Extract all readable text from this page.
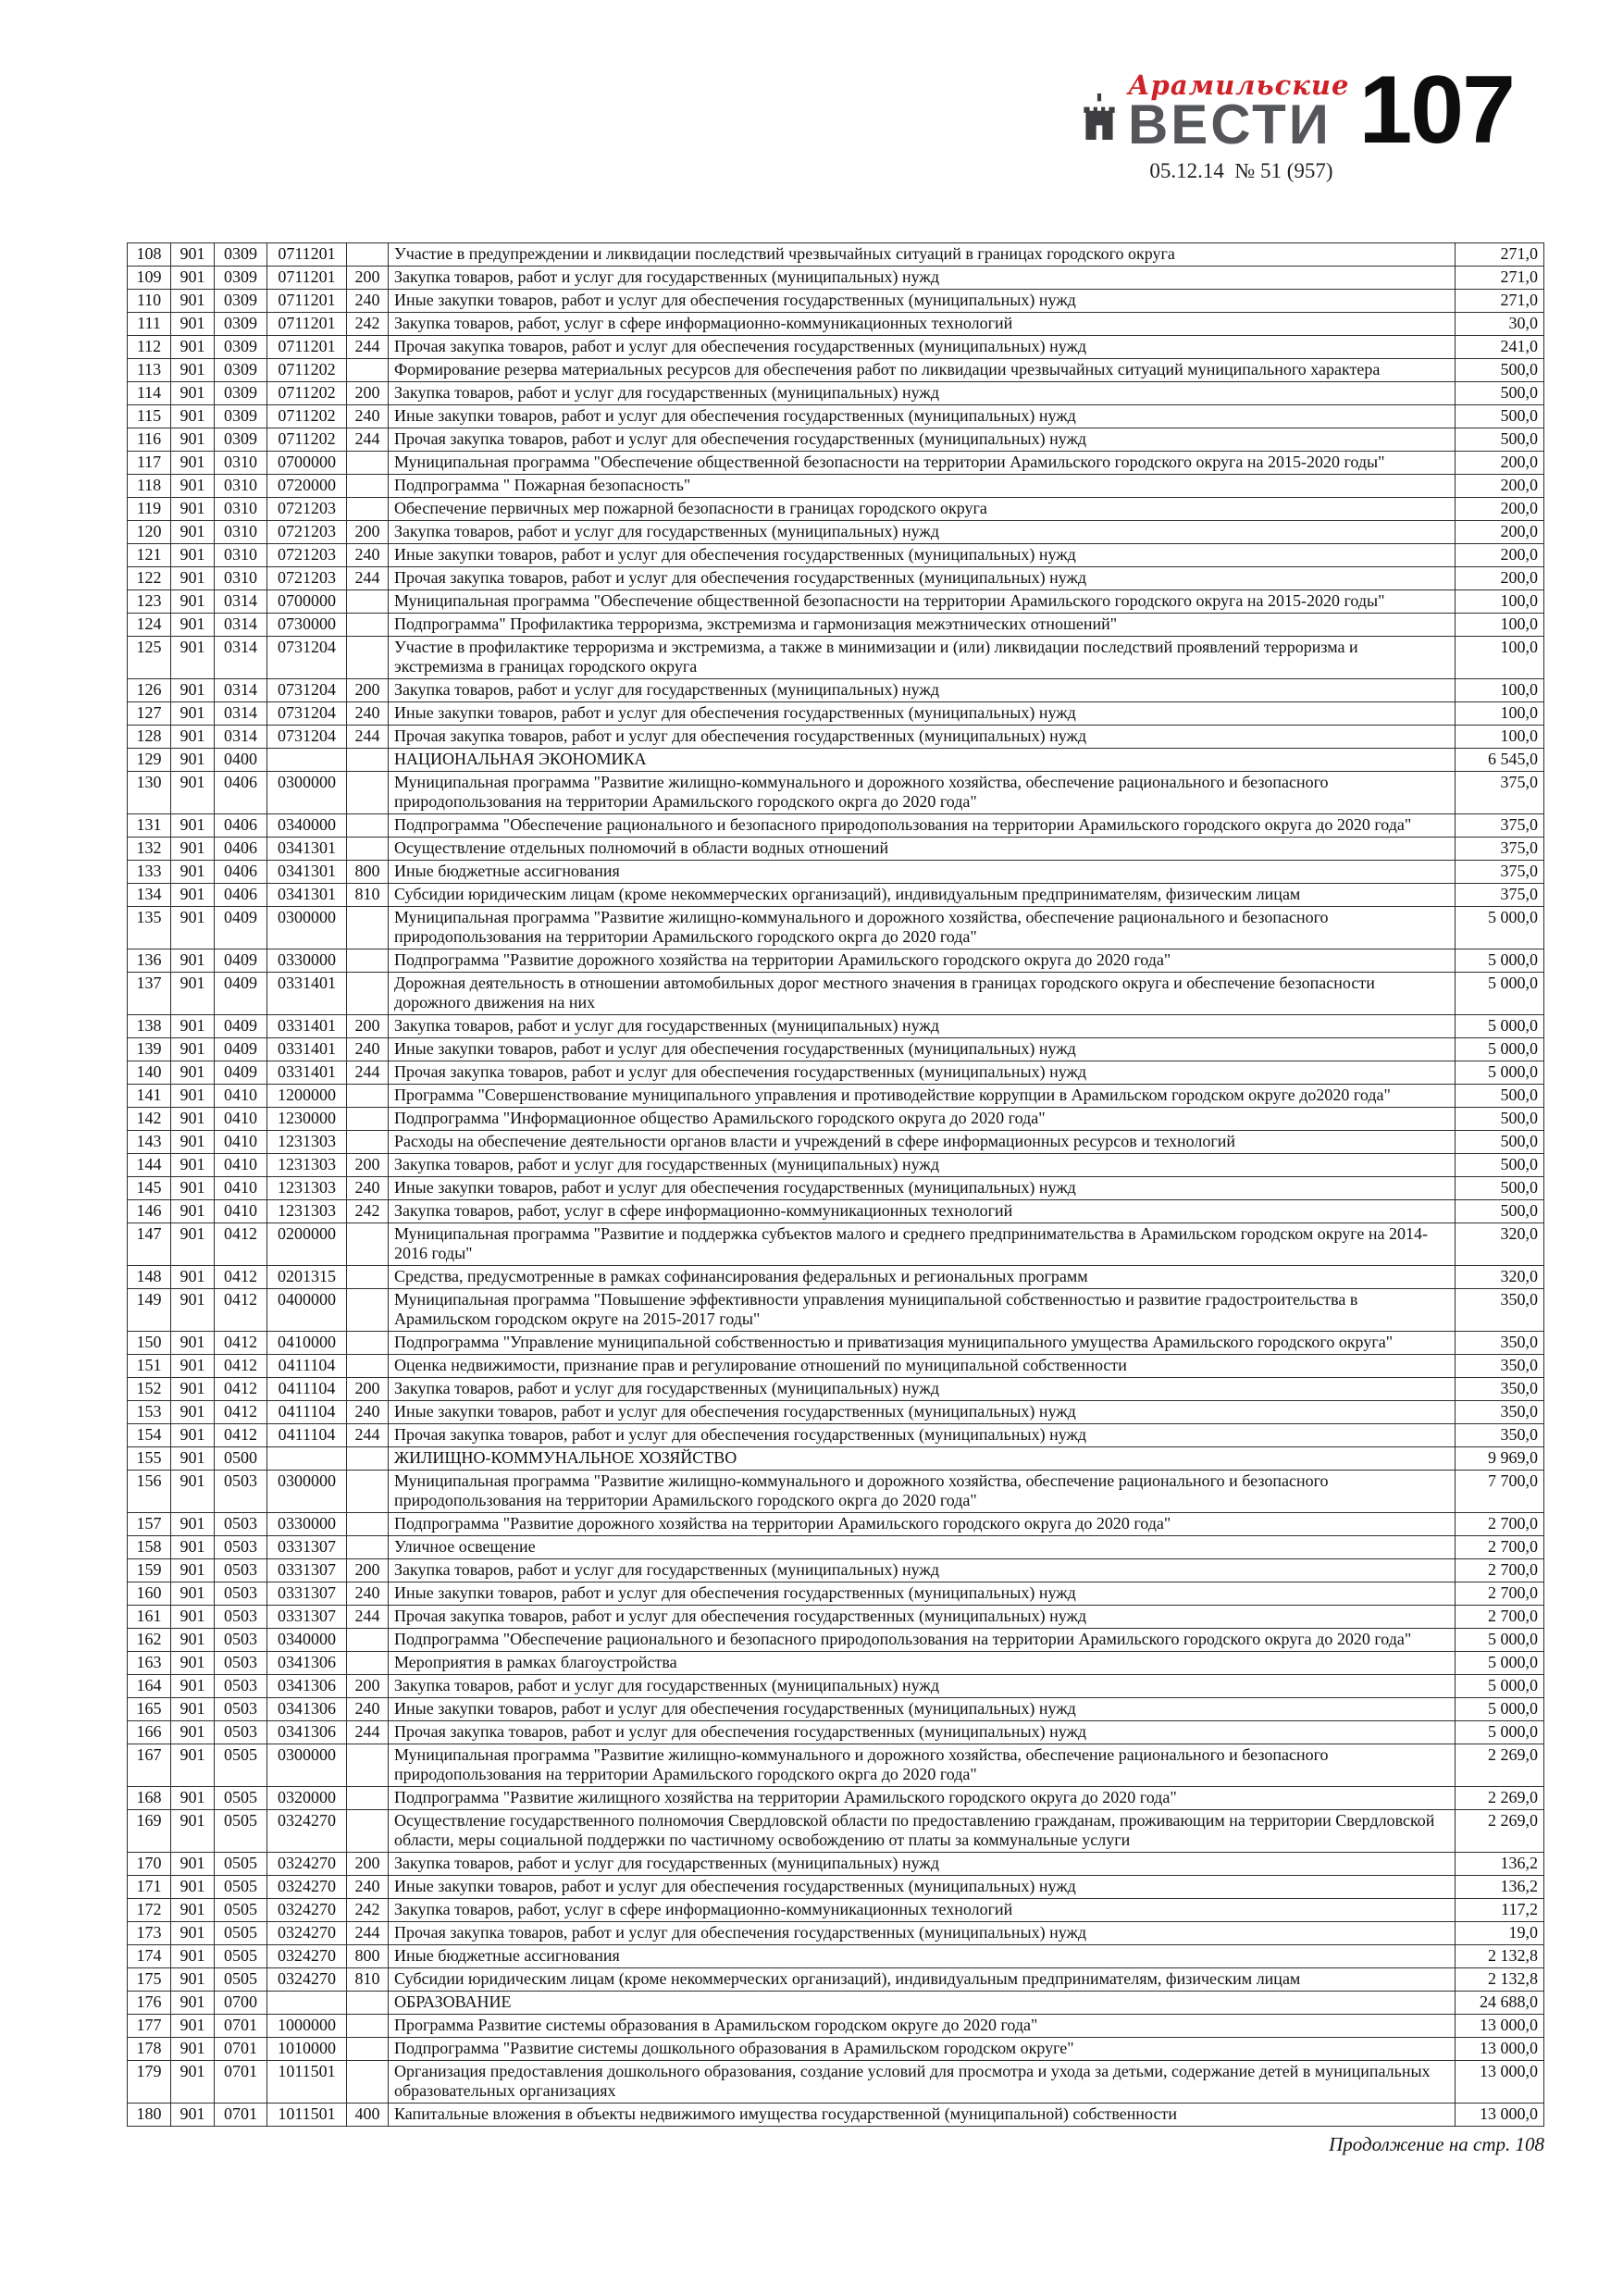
Арамильские
ВЕСТИ 107
05.12.14  № 51 (957)
108	901	0309	0711201		Участие в предупреждении и ликвидации последствий чрезвычайных ситуаций в границах городского округа	271,0
109	901	0309	0711201	200	Закупка товаров, работ и услуг для государственных (муниципальных) нужд	271,0
110	901	0309	0711201	240	Иные закупки товаров, работ и услуг для обеспечения государственных (муниципальных) нужд	271,0
111	901	0309	0711201	242	Закупка товаров, работ, услуг в сфере информационно-коммуникационных технологий	30,0
112	901	0309	0711201	244	Прочая закупка товаров, работ и услуг для обеспечения государственных (муниципальных) нужд	241,0
113	901	0309	0711202		Формирование резерва материальных ресурсов для обеспечения работ по ликвидации чрезвычайных ситуаций муниципального характера	500,0
114	901	0309	0711202	200	Закупка товаров, работ и услуг для государственных (муниципальных) нужд	500,0
115	901	0309	0711202	240	Иные закупки товаров, работ и услуг для обеспечения государственных (муниципальных) нужд	500,0
116	901	0309	0711202	244	Прочая закупка товаров, работ и услуг для обеспечения государственных (муниципальных) нужд	500,0
117	901	0310	0700000		Муниципальная программа "Обеспечение общественной безопасности на территории Арамильского городского округа на 2015-2020 годы"	200,0
118	901	0310	0720000		Подпрограмма " Пожарная безопасность"	200,0
119	901	0310	0721203		Обеспечение первичных мер пожарной безопасности в границах городского округа	200,0
120	901	0310	0721203	200	Закупка товаров, работ и услуг для государственных (муниципальных) нужд	200,0
121	901	0310	0721203	240	Иные закупки товаров, работ и услуг для обеспечения государственных (муниципальных) нужд	200,0
122	901	0310	0721203	244	Прочая закупка товаров, работ и услуг для обеспечения государственных (муниципальных) нужд	200,0
123	901	0314	0700000		Муниципальная программа "Обеспечение общественной безопасности на территории Арамильского городского округа на 2015-2020 годы"	100,0
124	901	0314	0730000		Подпрограмма" Профилактика терроризма, экстремизма и гармонизация межэтнических отношений"	100,0
125	901	0314	0731204		Участие в профилактике терроризма и экстремизма, а также в минимизации и (или) ликвидации последствий проявлений терроризма и экстремизма в границах городского округа	100,0
126	901	0314	0731204	200	Закупка товаров, работ и услуг для государственных (муниципальных) нужд	100,0
127	901	0314	0731204	240	Иные закупки товаров, работ и услуг для обеспечения государственных (муниципальных) нужд	100,0
128	901	0314	0731204	244	Прочая закупка товаров, работ и услуг для обеспечения государственных (муниципальных) нужд	100,0
129	901	0400			НАЦИОНАЛЬНАЯ ЭКОНОМИКА	6 545,0
130	901	0406	0300000		Муниципальная программа "Развитие жилищно-коммунального и дорожного хозяйства, обеспечение рационального и безопасного природопользования на территории Арамильского городского окрга до 2020 года"	375,0
131	901	0406	0340000		Подпрограмма "Обеспечение рационального и безопасного природопользования на территории Арамильского городского округа до 2020 года"	375,0
132	901	0406	0341301		Осуществление отдельных полномочий в области водных отношений	375,0
133	901	0406	0341301	800	Иные бюджетные ассигнования	375,0
134	901	0406	0341301	810	Субсидии юридическим лицам (кроме некоммерческих организаций), индивидуальным предпринимателям, физическим лицам	375,0
135	901	0409	0300000		Муниципальная программа "Развитие жилищно-коммунального и дорожного хозяйства, обеспечение рационального и безопасного природопользования на территории Арамильского городского окрга до 2020 года"	5 000,0
136	901	0409	0330000		Подпрограмма "Развитие дорожного хозяйства на территории Арамильского городского округа до 2020 года"	5 000,0
137	901	0409	0331401		Дорожная деятельность в отношении автомобильных дорог местного значения в границах городского округа и обеспечение безопасности дорожного движения на них	5 000,0
138	901	0409	0331401	200	Закупка товаров, работ и услуг для государственных (муниципальных) нужд	5 000,0
139	901	0409	0331401	240	Иные закупки товаров, работ и услуг для обеспечения государственных (муниципальных) нужд	5 000,0
140	901	0409	0331401	244	Прочая закупка товаров, работ и услуг для обеспечения государственных (муниципальных) нужд	5 000,0
141	901	0410	1200000		Программа "Совершенствование муниципального управления и противодействие коррупции в Арамильском городском округе до2020 года"	500,0
142	901	0410	1230000		Подпрограмма "Информационное общество Арамильского городского округа до 2020 года"	500,0
143	901	0410	1231303		Расходы на обеспечение деятельности органов власти и учреждений в сфере информационных ресурсов и технологий	500,0
144	901	0410	1231303	200	Закупка товаров, работ и услуг для государственных (муниципальных) нужд	500,0
145	901	0410	1231303	240	Иные закупки товаров, работ и услуг для обеспечения государственных (муниципальных) нужд	500,0
146	901	0410	1231303	242	Закупка товаров, работ, услуг в сфере информационно-коммуникационных технологий	500,0
147	901	0412	0200000		Муниципальная программа "Развитие и поддержка субъектов малого и среднего предпринимательства в Арамильском городском округе на 2014-2016 годы"	320,0
148	901	0412	0201315		Средства, предусмотренные в рамках софинансирования федеральных и региональных программ	320,0
149	901	0412	0400000		Муниципальная программа "Повышение эффективности управления муниципальной собственностью и развитие градостроительства в Арамильском городском округе на 2015-2017 годы"	350,0
150	901	0412	0410000		Подпрограмма "Управление муниципальной собственностью и приватизация муниципального умущества Арамильского городского округа"	350,0
151	901	0412	0411104		Оценка недвижимости, признание прав и регулирование отношений по муниципальной собственности	350,0
152	901	0412	0411104	200	Закупка товаров, работ и услуг для государственных (муниципальных) нужд	350,0
153	901	0412	0411104	240	Иные закупки товаров, работ и услуг для обеспечения государственных (муниципальных) нужд	350,0
154	901	0412	0411104	244	Прочая закупка товаров, работ и услуг для обеспечения государственных (муниципальных) нужд	350,0
155	901	0500			ЖИЛИЩНО-КОММУНАЛЬНОЕ ХОЗЯЙСТВО	9 969,0
156	901	0503	0300000		Муниципальная программа "Развитие жилищно-коммунального и дорожного хозяйства, обеспечение рационального и безопасного природопользования на территории Арамильского городского окрга до 2020 года"	7 700,0
157	901	0503	0330000		Подпрограмма "Развитие дорожного хозяйства на территории Арамильского городского округа до 2020 года"	2 700,0
158	901	0503	0331307		Уличное освещение	2 700,0
159	901	0503	0331307	200	Закупка товаров, работ и услуг для государственных (муниципальных) нужд	2 700,0
160	901	0503	0331307	240	Иные закупки товаров, работ и услуг для обеспечения государственных (муниципальных) нужд	2 700,0
161	901	0503	0331307	244	Прочая закупка товаров, работ и услуг для обеспечения государственных (муниципальных) нужд	2 700,0
162	901	0503	0340000		Подпрограмма "Обеспечение рационального и безопасного природопользования на территории Арамильского городского округа до 2020 года"	5 000,0
163	901	0503	0341306		Мероприятия в рамках благоустройства	5 000,0
164	901	0503	0341306	200	Закупка товаров, работ и услуг для государственных (муниципальных) нужд	5 000,0
165	901	0503	0341306	240	Иные закупки товаров, работ и услуг для обеспечения государственных (муниципальных) нужд	5 000,0
166	901	0503	0341306	244	Прочая закупка товаров, работ и услуг для обеспечения государственных (муниципальных) нужд	5 000,0
167	901	0505	0300000		Муниципальная программа "Развитие жилищно-коммунального и дорожного хозяйства, обеспечение рационального и безопасного природопользования на территории Арамильского городского окрга до 2020 года"	2 269,0
168	901	0505	0320000		Подпрограмма "Развитие жилищного хозяйства на территории Арамильского городского округа до 2020 года"	2 269,0
169	901	0505	0324270		Осуществление государственного полномочия Свердловской области по предоставлению гражданам, проживающим на территории Свердловской области, меры социальной поддержки по частичному освобождению от платы за коммунальные услуги	2 269,0
170	901	0505	0324270	200	Закупка товаров, работ и услуг для государственных (муниципальных) нужд	136,2
171	901	0505	0324270	240	Иные закупки товаров, работ и услуг для обеспечения государственных (муниципальных) нужд	136,2
172	901	0505	0324270	242	Закупка товаров, работ, услуг в сфере информационно-коммуникационных технологий	117,2
173	901	0505	0324270	244	Прочая закупка товаров, работ и услуг для обеспечения государственных (муниципальных) нужд	19,0
174	901	0505	0324270	800	Иные бюджетные ассигнования	2 132,8
175	901	0505	0324270	810	Субсидии юридическим лицам (кроме некоммерческих организаций), индивидуальным предпринимателям, физическим лицам	2 132,8
176	901	0700			ОБРАЗОВАНИЕ	24 688,0
177	901	0701	1000000		Программа Развитие системы образования в Арамильском городском округе до 2020 года"	13 000,0
178	901	0701	1010000		Подпрограмма "Развитие системы дошкольного образования в Арамильском городском округе"	13 000,0
179	901	0701	1011501		Организация предоставления дошкольного образования, создание условий для просмотра и ухода за детьми, содержание детей в муниципальных образовательных организациях	13 000,0
180	901	0701	1011501	400	Капитальные вложения в объекты недвижимого имущества государственной (муниципальной) собственности	13 000,0
Продолжение на стр. 108
